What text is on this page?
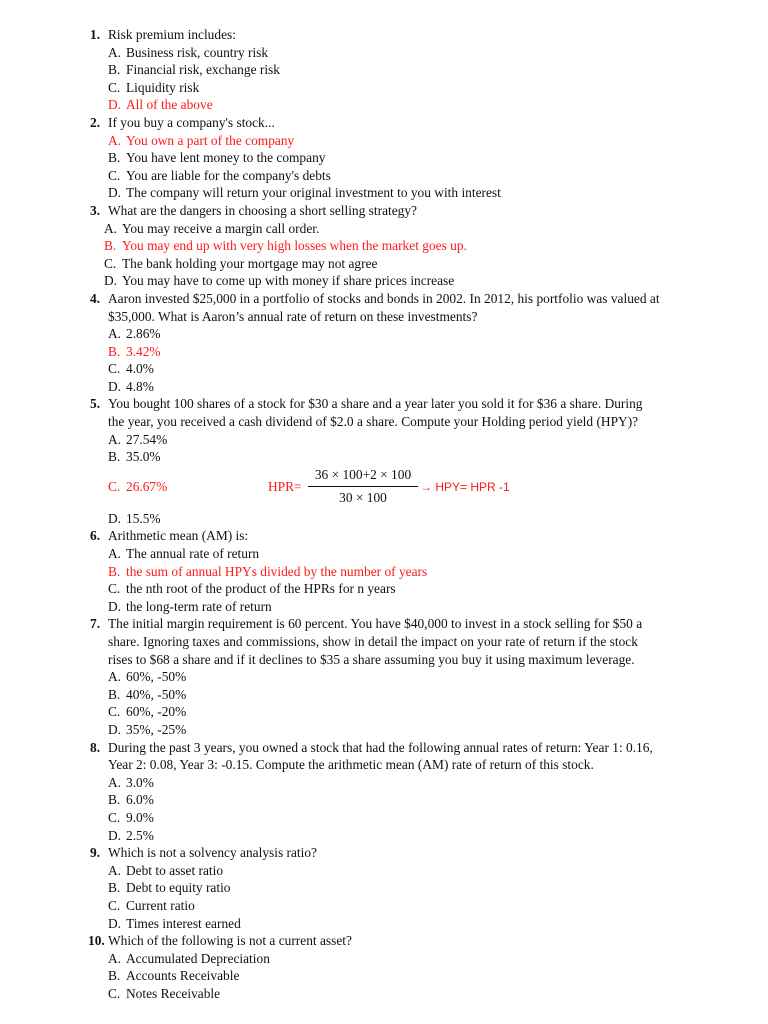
1. Risk premium includes:
A. Business risk, country risk
B. Financial risk, exchange risk
C. Liquidity risk
D. All of the above
2. If you buy a company's stock...
A. You own a part of the company
B. You have lent money to the company
C. You are liable for the company's debts
D. The company will return your original investment to you with interest
3. What are the dangers in choosing a short selling strategy?
A. You may receive a margin call order.
B. You may end up with very high losses when the market goes up.
C. The bank holding your mortgage may not agree
D. You may have to come up with money if share prices increase
4. Aaron invested $25,000 in a portfolio of stocks and bonds in 2002. In 2012, his portfolio was valued at
$35,000. What is Aaron’s annual rate of return on these investments?
A. 2.86%
B. 3.42%
C. 4.0%
D. 4.8%
5. You bought 100 shares of a stock for $30 a share and a year later you sold it for $36 a share. During
the year, you received a cash dividend of $2.0 a share. Compute your Holding period yield (HPY)?
A. 27.54%
B. 35.0%
C. 26.67%	HPR=
36 × 100+2 × 100
30 × 100
→ HPY= HPR -1
D. 15.5%
6. Arithmetic mean (AM) is:
A. The annual rate of return
B. the sum of annual HPYs divided by the number of years
C. the nth root of the product of the HPRs for n years
D. the long-term rate of return
7. The initial margin requirement is 60 percent. You have $40,000 to invest in a stock selling for $50 a
share. Ignoring taxes and commissions, show in detail the impact on your rate of return if the stock
rises to $68 a share and if it declines to $35 a share assuming you buy it using maximum leverage.
A. 60%, -50%
B. 40%, -50%
C. 60%, -20%
D. 35%, -25%
8. During the past 3 years, you owned a stock that had the following annual rates of return: Year 1: 0.16,
Year 2: 0.08, Year 3: -0.15. Compute the arithmetic mean (AM) rate of return of this stock.
A. 3.0%
B. 6.0%
C. 9.0%
D. 2.5%
9. Which is not a solvency analysis ratio?
A. Debt to asset ratio
B. Debt to equity ratio
C. Current ratio
D. Times interest earned
10. Which of the following is not a current asset?
A. Accumulated Depreciation
B. Accounts Receivable
C. Notes Receivable
